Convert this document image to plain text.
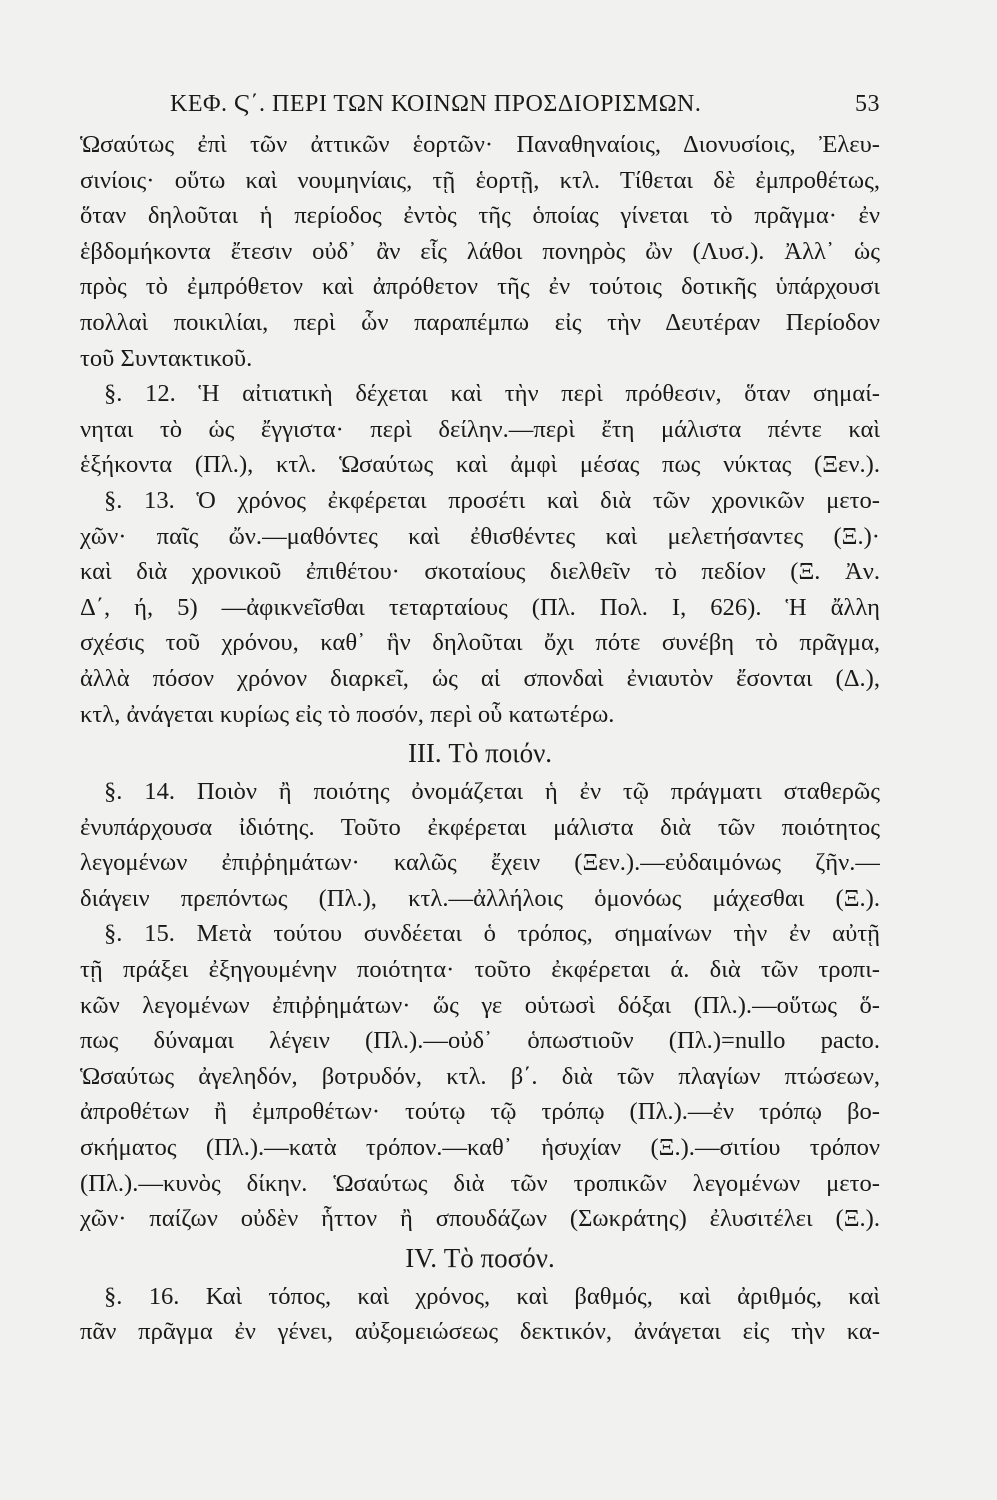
ΚΕΦ. Ϛ΄. ΠΕΡΙ ΤΩΝ ΚΟΙΝΩΝ ΠΡΟΣΔΙΟΡΙΣΜΩΝ.	53
Ὡσαύτως ἐπὶ τῶν ἀττικῶν ἑορτῶν· Παναθηναίοις, Διονυσίοις, Ἐλευ-
σινίοις· οὕτω καὶ νουμηνίαις, τῇ ἑορτῇ, κτλ. Τίθεται δὲ ἐμπροθέτως,
ὅταν δηλοῦται ἡ περίοδος ἐντὸς τῆς ὁποίας γίνεται τὸ πρᾶγμα· ἐν
ἑβδομήκοντα ἔτεσιν οὐδ᾽ ἂν εἷς λάθοι πονηρὸς ὢν (Λυσ.). Ἀλλ᾽ ὡς
πρὸς τὸ ἐμπρόθετον καὶ ἀπρόθετον τῆς ἐν τούτοις δοτικῆς ὑπάρχουσι
πολλαὶ ποικιλίαι, περὶ ὧν παραπέμπω εἰς τὴν Δευτέραν Περίοδον
τοῦ Συντακτικοῦ.
§. 12. Ἡ αἰτιατικὴ δέχεται καὶ τὴν περὶ πρόθεσιν, ὅταν σημαί-
νηται τὸ ὡς ἔγγιστα· περὶ δείλην.—περὶ ἔτη μάλιστα πέντε καὶ
ἑξήκοντα (Πλ.), κτλ. Ὡσαύτως καὶ ἀμφὶ μέσας πως νύκτας (Ξεν.).
§. 13. Ὁ χρόνος ἐκφέρεται προσέτι καὶ διὰ τῶν χρονικῶν μετο-
χῶν· παῖς ὤν.—μαθόντες καὶ ἐθισθέντες καὶ μελετήσαντες (Ξ.)·
καὶ διὰ χρονικοῦ ἐπιθέτου· σκοταίους διελθεῖν τὸ πεδίον (Ξ. Ἀν.
Δ΄, ή, 5) —ἀφικνεῖσθαι τεταρταίους (Πλ. Πολ. Ι, 626). Ἡ ἄλλη
σχέσις τοῦ χρόνου, καθ᾽ ἣν δηλοῦται ὄχι πότε συνέβη τὸ πρᾶγμα,
ἀλλὰ πόσον χρόνον διαρκεῖ, ὡς αἱ σπονδαὶ ἐνιαυτὸν ἔσονται (Δ.),
κτλ, ἀνάγεται κυρίως εἰς τὸ ποσόν, περὶ οὗ κατωτέρω.
III. Τὸ ποιόν.
§. 14. Ποιὸν ἢ ποιότης ὀνομάζεται ἡ ἐν τῷ πράγματι σταθερῶς
ἐνυπάρχουσα ἰδιότης. Τοῦτο ἐκφέρεται μάλιστα διὰ τῶν ποιότητος
λεγομένων ἐπιῤῥημάτων· καλῶς ἔχειν (Ξεν.).—εὐδαιμόνως ζῆν.—
διάγειν πρεπόντως (Πλ.), κτλ.—ἀλλήλοις ὁμονόως μάχεσθαι (Ξ.).
§. 15. Μετὰ τούτου συνδέεται ὁ τρόπος, σημαίνων τὴν ἐν αὐτῇ
τῇ πράξει ἐξηγουμένην ποιότητα· τοῦτο ἐκφέρεται ά. διὰ τῶν τροπι-
κῶν λεγομένων ἐπιῤῥημάτων· ὥς γε οὑτωσὶ δόξαι (Πλ.).—οὕτως ὅ-
πως δύναμαι λέγειν (Πλ.).—οὐδ᾽ ὁπωστιοῦν (Πλ.)=nullo pacto.
Ὡσαύτως ἀγεληδόν, βοτρυδόν, κτλ. β΄. διὰ τῶν πλαγίων πτώσεων,
ἀπροθέτων ἢ ἐμπροθέτων· τούτῳ τῷ τρόπῳ (Πλ.).—ἐν τρόπῳ βο-
σκήματος (Πλ.).—κατὰ τρόπον.—καθ᾽ ἡσυχίαν (Ξ.).—σιτίου τρόπον
(Πλ.).—κυνὸς δίκην. Ὡσαύτως διὰ τῶν τροπικῶν λεγομένων μετο-
χῶν· παίζων οὐδὲν ἧττον ἢ σπουδάζων (Σωκράτης) ἐλυσιτέλει (Ξ.).
IV. Τὸ ποσόν.
§. 16. Καὶ τόπος, καὶ χρόνος, καὶ βαθμός, καὶ ἀριθμός, καὶ
πᾶν πρᾶγμα ἐν γένει, αὐξομειώσεως δεκτικόν, ἀνάγεται εἰς τὴν κα-
